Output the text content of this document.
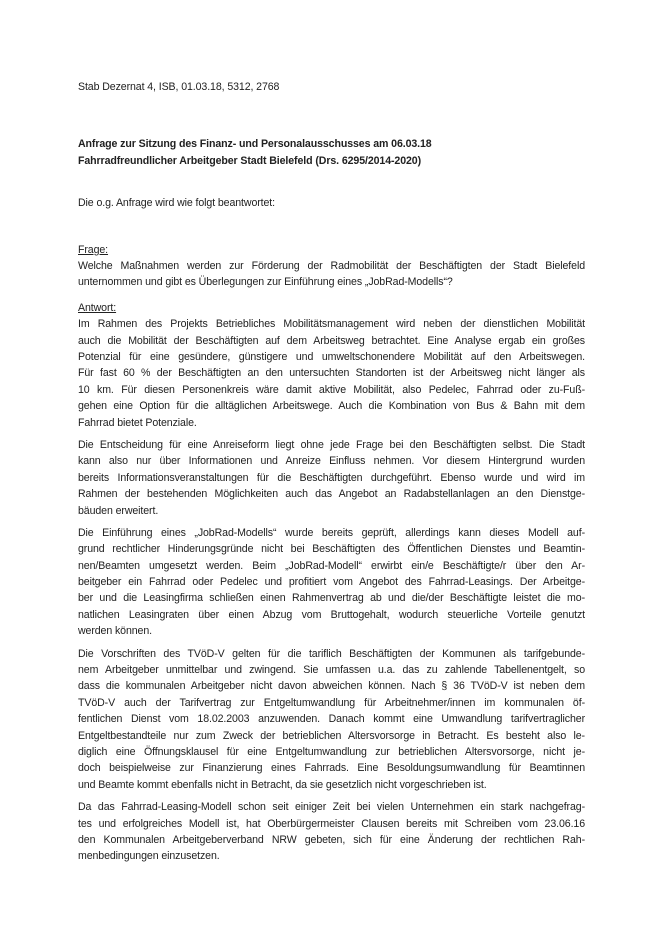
Stab Dezernat 4, ISB, 01.03.18, 5312, 2768
Anfrage zur Sitzung des Finanz- und Personalausschusses am 06.03.18
Fahrradfreundlicher Arbeitgeber Stadt Bielefeld (Drs. 6295/2014-2020)
Die o.g. Anfrage wird wie folgt beantwortet:
Frage:
Welche Maßnahmen werden zur Förderung der Radmobilität der Beschäftigten der Stadt Bielefeld
unternommen und gibt es Überlegungen zur Einführung eines „JobRad-Modells“?
Antwort:
Im Rahmen des Projekts Betriebliches Mobilitätsmanagement wird neben der dienstlichen Mobilität
auch die Mobilität der Beschäftigten auf dem Arbeitsweg betrachtet. Eine Analyse ergab ein großes
Potenzial für eine gesündere, günstigere und umweltschonendere Mobilität auf den Arbeitswegen.
Für fast 60 % der Beschäftigten an den untersuchten Standorten ist der Arbeitsweg nicht länger als
10 km. Für diesen Personenkreis wäre damit aktive Mobilität, also Pedelec, Fahrrad oder zu-Fuß-
gehen eine Option für die alltäglichen Arbeitswege. Auch die Kombination von Bus & Bahn mit dem
Fahrrad bietet Potenziale.
Die Entscheidung für eine Anreiseform liegt ohne jede Frage bei den Beschäftigten selbst. Die Stadt
kann also nur über Informationen und Anreize Einfluss nehmen. Vor diesem Hintergrund wurden
bereits Informationsveranstaltungen für die Beschäftigten durchgeführt. Ebenso wurde und wird im
Rahmen der bestehenden Möglichkeiten auch das Angebot an Radabstellanlagen an den Dienstge-
bäuden erweitert.
Die Einführung eines „JobRad-Modells“ wurde bereits geprüft, allerdings kann dieses Modell auf-
grund rechtlicher Hinderungsgründe nicht bei Beschäftigten des Öffentlichen Dienstes und Beamtin-
nen/Beamten umgesetzt werden. Beim „JobRad-Modell“ erwirbt ein/e Beschäftigte/r über den Ar-
beitgeber ein Fahrrad oder Pedelec und profitiert vom Angebot des Fahrrad-Leasings. Der Arbeitge-
ber und die Leasingfirma schließen einen Rahmenvertrag ab und die/der Beschäftigte leistet die mo-
natlichen Leasingraten über einen Abzug vom Bruttogehalt, wodurch steuerliche Vorteile genutzt
werden können.
Die Vorschriften des TVöD-V gelten für die tariflich Beschäftigten der Kommunen als tarifgebunde-
nem Arbeitgeber unmittelbar und zwingend. Sie umfassen u.a. das zu zahlende Tabellenentgelt, so
dass die kommunalen Arbeitgeber nicht davon abweichen können. Nach § 36 TVöD-V ist neben dem
TVöD-V auch der Tarifvertrag zur Entgeltumwandlung für Arbeitnehmer/innen im kommunalen öf-
fentlichen Dienst vom 18.02.2003 anzuwenden. Danach kommt eine Umwandlung tarifvertraglicher
Entgeltbestandteile nur zum Zweck der betrieblichen Altersvorsorge in Betracht. Es besteht also le-
diglich eine Öffnungsklausel für eine Entgeltumwandlung zur betrieblichen Altersvorsorge, nicht je-
doch beispielweise zur Finanzierung eines Fahrrads. Eine Besoldungsumwandlung für Beamtinnen
und Beamte kommt ebenfalls nicht in Betracht, da sie gesetzlich nicht vorgeschrieben ist.
Da das Fahrrad-Leasing-Modell schon seit einiger Zeit bei vielen Unternehmen ein stark nachgefrag-
tes und erfolgreiches Modell ist, hat Oberbürgermeister Clausen bereits mit Schreiben vom 23.06.16
den Kommunalen Arbeitgeberverband NRW gebeten, sich für eine Änderung der rechtlichen Rah-
menbedingungen einzusetzen.
